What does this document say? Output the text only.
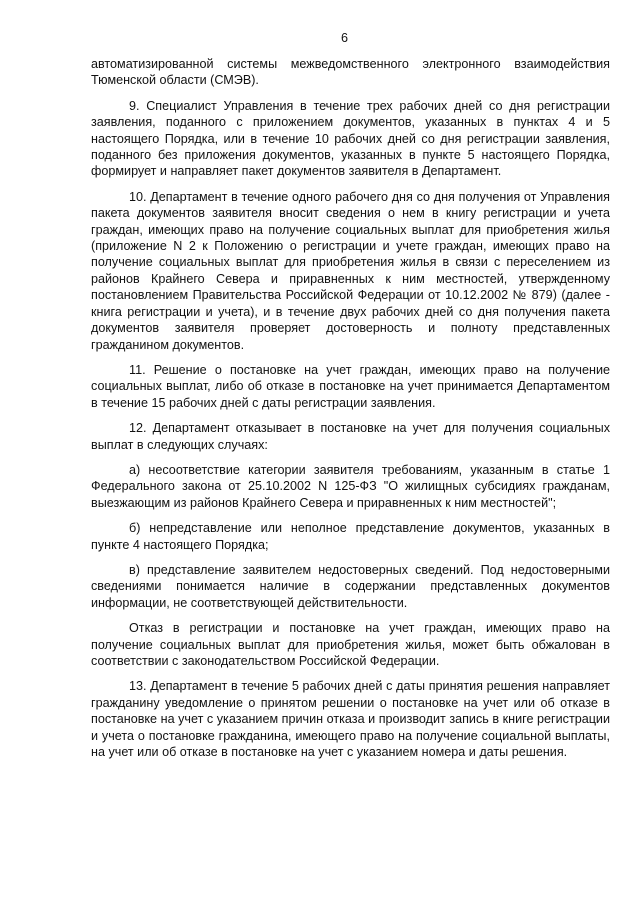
6

автоматизированной системы межведомственного электронного взаимодействия Тюменской области (СМЭВ).

9. Специалист Управления в течение трех рабочих дней со дня регистрации заявления, поданного с приложением документов, указанных в пунктах 4 и 5 настоящего Порядка, или в течение 10 рабочих дней со дня регистрации заявления, поданного без приложения документов, указанных в пункте 5 настоящего Порядка, формирует и направляет пакет документов заявителя в Департамент.

10. Департамент в течение одного рабочего дня со дня получения от Управления пакета документов заявителя вносит сведения о нем в книгу регистрации и учета граждан, имеющих право на получение социальных выплат для приобретения жилья (приложение N 2 к Положению о регистрации и учете граждан, имеющих право на получение социальных выплат для приобретения жилья в связи с переселением из районов Крайнего Севера и приравненных к ним местностей, утвержденному постановлением Правительства Российской Федерации от 10.12.2002 № 879) (далее - книга регистрации и учета), и в течение двух рабочих дней со дня получения пакета документов заявителя проверяет достоверность и полноту представленных гражданином документов.

11. Решение о постановке на учет граждан, имеющих право на получение социальных выплат, либо об отказе в постановке на учет принимается Департаментом в течение 15 рабочих дней с даты регистрации заявления.

12. Департамент отказывает в постановке на учет для получения социальных выплат в следующих случаях:

а) несоответствие категории заявителя требованиям, указанным в статье 1 Федерального закона от 25.10.2002 N 125-ФЗ "О жилищных субсидиях гражданам, выезжающим из районов Крайнего Севера и приравненных к ним местностей";

б) непредставление или неполное представление документов, указанных в пункте 4 настоящего Порядка;

в) представление заявителем недостоверных сведений. Под недостоверными сведениями понимается наличие в содержании представленных документов информации, не соответствующей действительности.

Отказ в регистрации и постановке на учет граждан, имеющих право на получение социальных выплат для приобретения жилья, может быть обжалован в соответствии с законодательством Российской Федерации.

13. Департамент в течение 5 рабочих дней с даты принятия решения направляет гражданину уведомление о принятом решении о постановке на учет или об отказе в постановке на учет с указанием причин отказа и производит запись в книге регистрации и учета о постановке гражданина, имеющего право на получение социальной выплаты, на учет или об отказе в постановке на учет с указанием номера и даты решения.
